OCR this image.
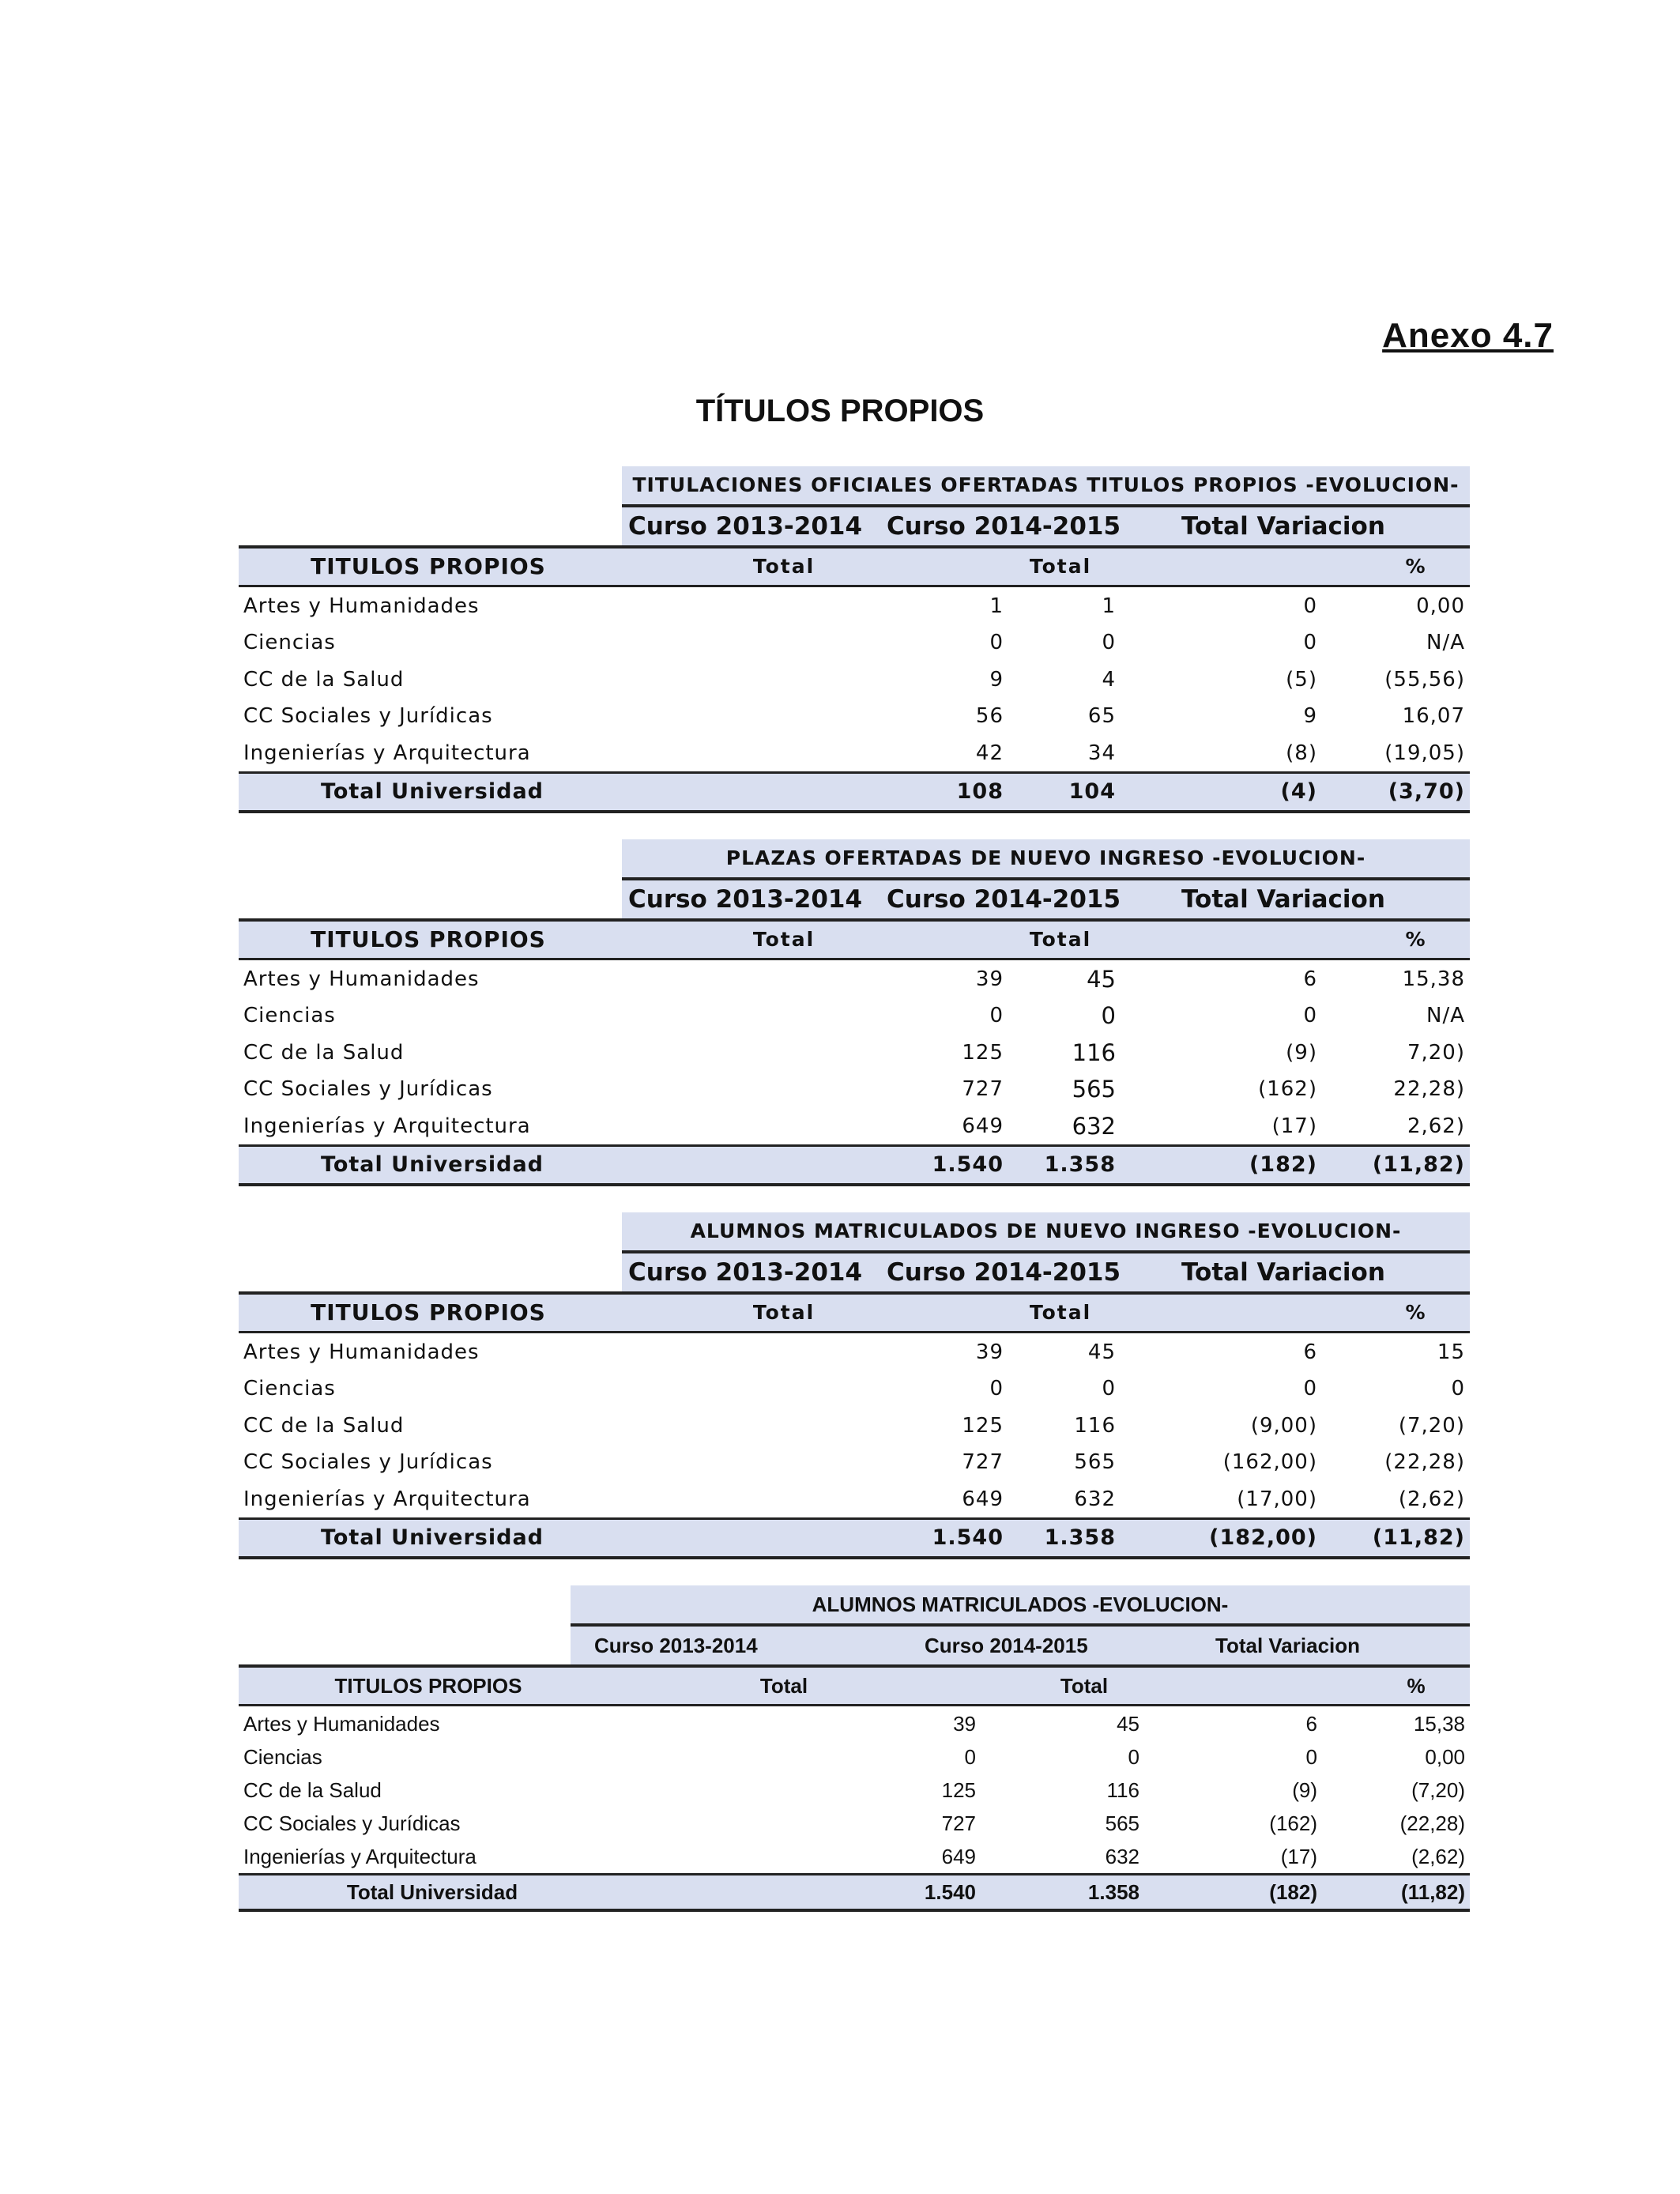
Anexo 4.7
TÍTULOS PROPIOS
TITULACIONES OFICIALES OFERTADAS TITULOS PROPIOS -EVOLUCION-
Curso 2013-2014 Curso 2014-2015 Total Variacion
TITULOS PROPIOS	Total	Total	%
Artes y Humanidades	1	1	0	0,00
Ciencias	0	0	0	N/A
CC de la Salud	9	4	(5)	(55,56)
CC Sociales y Jurídicas	56	65	9	16,07
Ingenierías y Arquitectura	42	34	(8)	(19,05)
Total Universidad	108	104	(4)	(3,70)
PLAZAS OFERTADAS DE NUEVO INGRESO -EVOLUCION-
Curso 2013-2014 Curso 2014-2015 Total Variacion
TITULOS PROPIOS	Total	Total	%
Artes y Humanidades	39	45	6	15,38
Ciencias	0	0	0	N/A
CC de la Salud	125	116	(9)	7,20)
CC Sociales y Jurídicas	727	565	(162)	22,28)
Ingenierías y Arquitectura	649	632	(17)	2,62)
Total Universidad	1.540	1.358	(182)	(11,82)
ALUMNOS MATRICULADOS DE NUEVO INGRESO -EVOLUCION-
Curso 2013-2014 Curso 2014-2015 Total Variacion
TITULOS PROPIOS	Total	Total	%
Artes y Humanidades	39	45	6	15
Ciencias	0	0	0	0
CC de la Salud	125	116	(9,00)	(7,20)
CC Sociales y Jurídicas	727	565	(162,00)	(22,28)
Ingenierías y Arquitectura	649	632	(17,00)	(2,62)
Total Universidad	1.540	1.358	(182,00)	(11,82)
ALUMNOS MATRICULADOS -EVOLUCION-
Curso 2013-2014	Curso 2014-2015	Total Variacion
TITULOS PROPIOS	Total	Total	%
Artes y Humanidades	39	45	6	15,38
Ciencias	0	0	0	0,00
CC de la Salud	125	116	(9)	(7,20)
CC Sociales y Jurídicas	727	565	(162)	(22,28)
Ingenierías y Arquitectura	649	632	(17)	(2,62)
Total Universidad	1.540	1.358	(182)	(11,82)
